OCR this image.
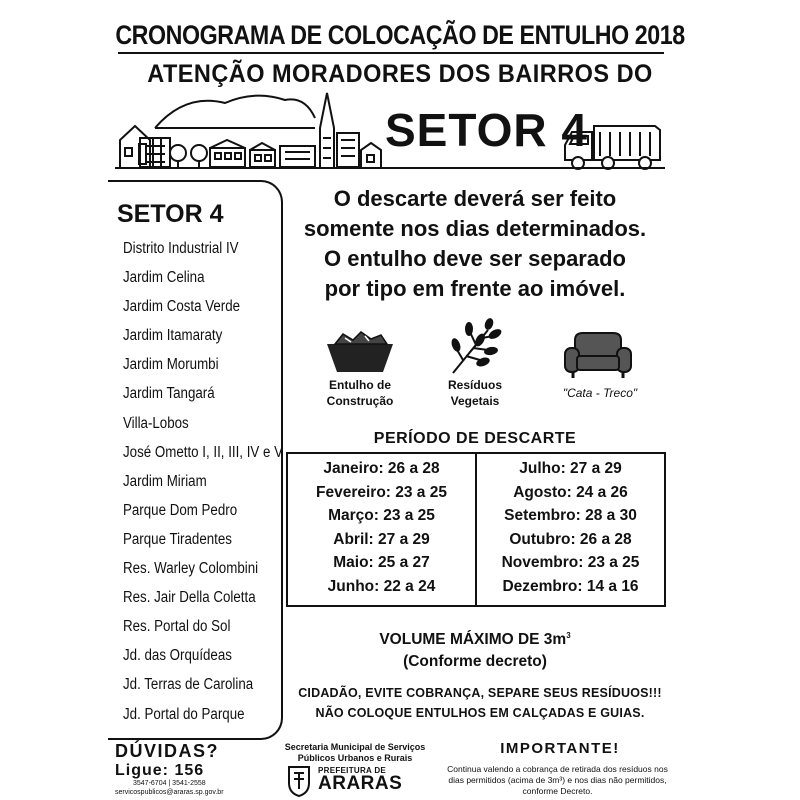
CRONOGRAMA DE COLOCAÇÃO DE ENTULHO 2018
ATENÇÃO MORADORES DOS BAIRROS DO
SETOR 4
SETOR 4
Distrito Industrial IV
Jardim Celina
Jardim Costa Verde
Jardim Itamaraty
Jardim Morumbi
Jardim Tangará
Villa-Lobos
José Ometto I, II, III, IV e V
Jardim Miriam
Parque Dom Pedro
Parque Tiradentes
Res. Warley Colombini
Res. Jair Della Coletta
Res. Portal do Sol
Jd. das Orquídeas
Jd. Terras de Carolina
Jd. Portal do Parque
O descarte deverá ser feito
somente nos dias determinados.
O entulho deve ser separado
por tipo em frente ao imóvel.
Entulho de
Construção
Resíduos
Vegetais
"Cata - Treco"
PERÍODO DE DESCARTE
Janeiro: 26 a 28
Fevereiro: 23 a 25
Março: 23 a 25
Abril: 27 a 29
Maio: 25 a 27
Junho: 22 a 24
Julho: 27 a 29
Agosto: 24 a 26
Setembro: 28 a 30
Outubro: 26 a 28
Novembro: 23 a 25
Dezembro: 14 a 16
VOLUME MÁXIMO DE $3m^3$
(Conforme decreto)
CIDADÃO, EVITE COBRANÇA, SEPARE SEUS RESÍDUOS!!!
NÃO COLOQUE ENTULHOS EM CALÇADAS E GUIAS.
DÚVIDAS?
Ligue: 156
3547-6704 | 3541-2558
servicospublicos@araras.sp.gov.br
Secretaria Municipal de Serviços
Públicos Urbanos e Rurais
PREFEITURA DE
ARARAS
IMPORTANTE!
Continua valendo a cobrança de retirada dos resíduos nos dias permitidos (acima de 3m³) e nos dias não permitidos, conforme Decreto.
